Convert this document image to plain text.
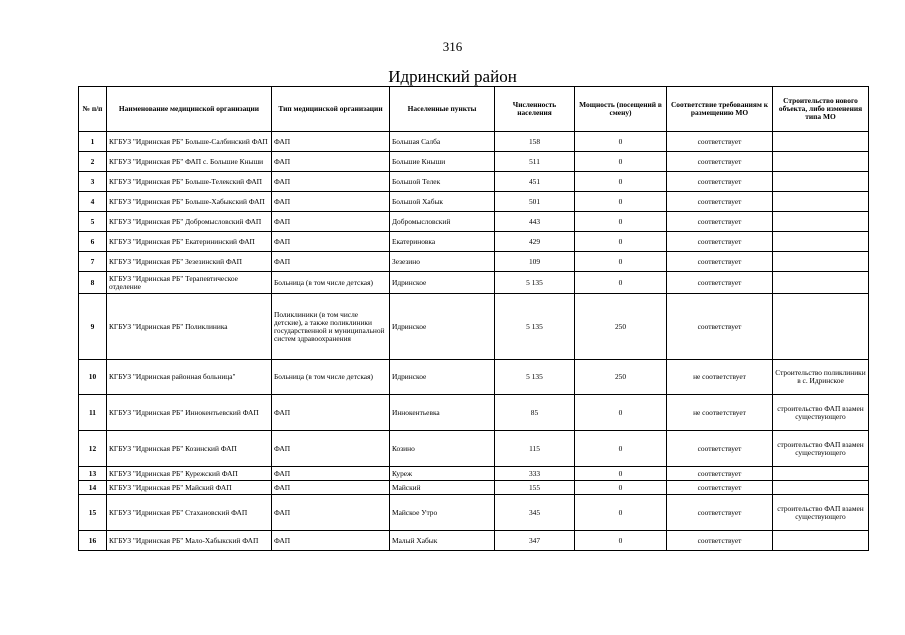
316
Идринский район
№ п/п	Наименование медицинской организации	Тип медицинской организации	Населенные пункты	Численность населения	Мощность (посещений в смену)	Соответствие требованиям к размещению МО	Строительство нового объекта, либо изменения типа МО
1	КГБУЗ "Идринская РБ" Больше-Салбинский ФАП	ФАП	Большая Салба	158	0	соответствует	
2	КГБУЗ "Идринская РБ" ФАП с. Большие Кныши	ФАП	Большие Кныши	511	0	соответствует	
3	КГБУЗ "Идринская РБ" Больше-Телекский ФАП	ФАП	Большой Телек	451	0	соответствует	
4	КГБУЗ "Идринская РБ" Больше-Хабыкский ФАП	ФАП	Большой Хабык	501	0	соответствует	
5	КГБУЗ "Идринская РБ" Добромысловский ФАП	ФАП	Добромысловский	443	0	соответствует	
6	КГБУЗ "Идринская РБ" Екатерининский ФАП	ФАП	Екатериновка	429	0	соответствует	
7	КГБУЗ "Идринская РБ" Зезезинский ФАП	ФАП	Зезезино	109	0	соответствует	
8	КГБУЗ "Идринская РБ" Терапевтическое отделение	Больница (в том числе детская)	Идринское	5 135	0	соответствует	
9	КГБУЗ "Идринская РБ" Поликлиника	Поликлиники (в том числе детские), а также поликлиники государственной и муниципальной систем здравоохранения	Идринское	5 135	250	соответствует	
10	КГБУЗ "Идринская районная больница"	Больница (в том числе детская)	Идринское	5 135	250	не соответствует	Строительство поликлиники в с. Идринское
11	КГБУЗ "Идринская РБ" Иннокентьевский ФАП	ФАП	Иннокентьевка	85	0	не соответствует	строительство ФАП взамен существующего
12	КГБУЗ "Идринская РБ" Козинский ФАП	ФАП	Козино	115	0	соответствует	строительство ФАП взамен существующего
13	КГБУЗ "Идринская РБ" Курежский ФАП	ФАП	Куреж	333	0	соответствует	
14	КГБУЗ "Идринская РБ" Майский ФАП	ФАП	Майский	155	0	соответствует	
15	КГБУЗ "Идринская РБ" Стахановский ФАП	ФАП	Майское Утро	345	0	соответствует	строительство ФАП взамен существующего
16	КГБУЗ "Идринская РБ" Мало-Хабыкский ФАП	ФАП	Малый Хабык	347	0	соответствует	
